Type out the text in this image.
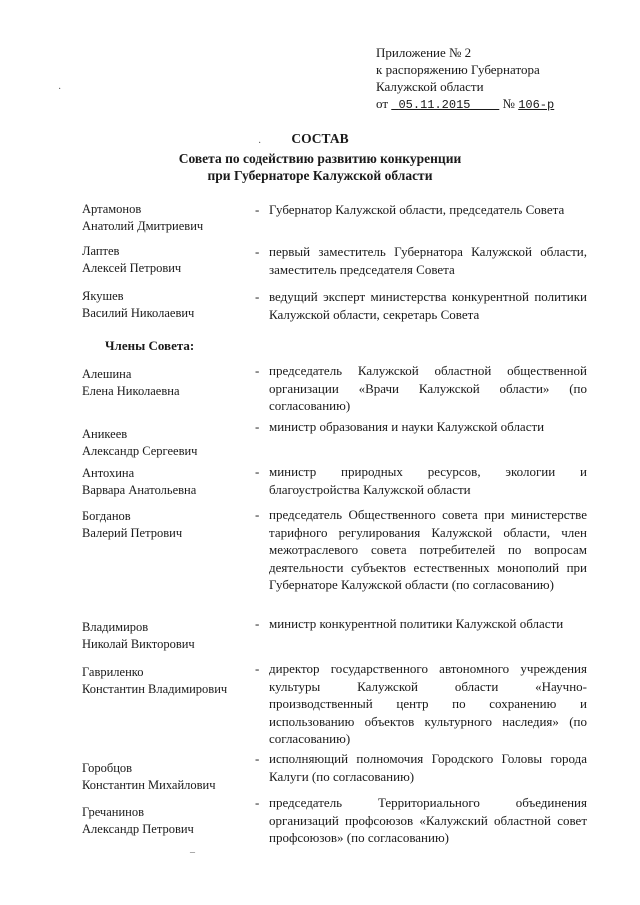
Приложение № 2
к распоряжению Губернатора
Калужской области
от 05.11.2015 № 106-р
СОСТАВ
Совета по содействию развитию конкуренции
при Губернаторе Калужской области
Артамонов
Анатолий Дмитриевич
- Губернатор Калужской области, председатель Совета
Лаптев
Алексей Петрович
- первый заместитель Губернатора Калужской области, заместитель председателя Совета
Якушев
Василий Николаевич
- ведущий эксперт министерства конкурентной политики Калужской области, секретарь Совета
Члены Совета:
Алешина
Елена Николаевна
- председатель Калужской областной общественной организации «Врачи Калужской области» (по согласованию)
Аникеев
Александр Сергеевич
- министр образования и науки Калужской области
Антохина
Варвара Анатольевна
- министр природных ресурсов, экологии и благоустройства Калужской области
Богданов
Валерий Петрович
- председатель Общественного совета при министерстве тарифного регулирования Калужской области, член межотраслевого совета потребителей по вопросам деятельности субъектов естественных монополий при Губернаторе Калужской области (по согласованию)
Владимиров
Николай Викторович
- министр конкурентной политики Калужской области
Гавриленко
Константин Владимирович
- директор государственного автономного учреждения культуры Калужской области «Научно-производственный центр по сохранению и использованию объектов культурного наследия» (по согласованию)
Горобцов
Константин Михайлович
- исполняющий полномочия Городского Головы города Калуги (по согласованию)
Гречанинов
Александр Петрович
- председатель Территориального объединения организаций профсоюзов «Калужский областной совет профсоюзов» (по согласованию)
·
·
¯
